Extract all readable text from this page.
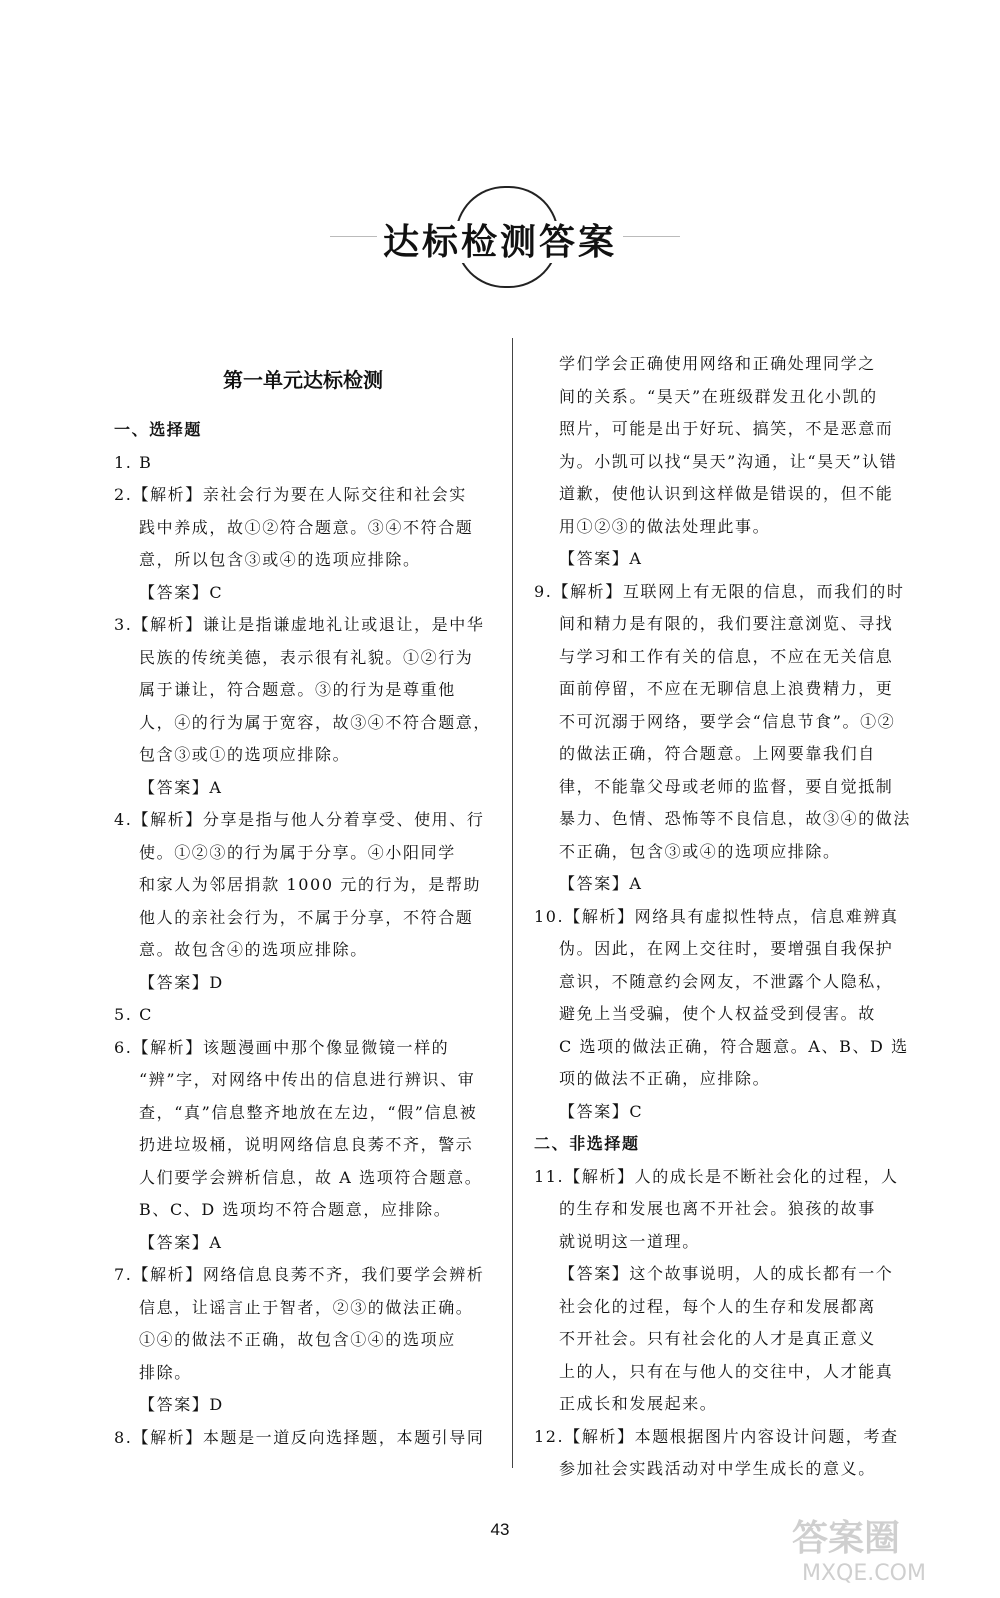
达标检测答案
第一单元达标检测
一、选择题
1. B
2.【解析】亲社会行为要在人际交往和社会实
践中养成，故①②符合题意。③④不符合题
意，所以包含③或④的选项应排除。
【答案】C
3.【解析】谦让是指谦虚地礼让或退让，是中华
民族的传统美德，表示很有礼貌。①②行为
属于谦让，符合题意。③的行为是尊重他
人，④的行为属于宽容，故③④不符合题意，
包含③或①的选项应排除。
【答案】A
4.【解析】分享是指与他人分着享受、使用、行
使。①②③的行为属于分享。④小阳同学
和家人为邻居捐款 1000 元的行为，是帮助
他人的亲社会行为，不属于分享，不符合题
意。故包含④的选项应排除。
【答案】D
5. C
6.【解析】该题漫画中那个像显微镜一样的
“辨”字，对网络中传出的信息进行辨识、审
查，“真”信息整齐地放在左边，“假”信息被
扔进垃圾桶，说明网络信息良莠不齐，警示
人们要学会辨析信息，故 A 选项符合题意。
B、C、D 选项均不符合题意，应排除。
【答案】A
7.【解析】网络信息良莠不齐，我们要学会辨析
信息，让谣言止于智者，②③的做法正确。
①④的做法不正确，故包含①④的选项应
排除。
【答案】D
8.【解析】本题是一道反向选择题，本题引导同
学们学会正确使用网络和正确处理同学之
间的关系。“昊天”在班级群发丑化小凯的
照片，可能是出于好玩、搞笑，不是恶意而
为。小凯可以找“昊天”沟通，让“昊天”认错
道歉，使他认识到这样做是错误的，但不能
用①②③的做法处理此事。
【答案】A
9.【解析】互联网上有无限的信息，而我们的时
间和精力是有限的，我们要注意浏览、寻找
与学习和工作有关的信息，不应在无关信息
面前停留，不应在无聊信息上浪费精力，更
不可沉溺于网络，要学会“信息节食”。①②
的做法正确，符合题意。上网要靠我们自
律，不能靠父母或老师的监督，要自觉抵制
暴力、色情、恐怖等不良信息，故③④的做法
不正确，包含③或④的选项应排除。
【答案】A
10.【解析】网络具有虚拟性特点，信息难辨真
伪。因此，在网上交往时，要增强自我保护
意识，不随意约会网友，不泄露个人隐私，
避免上当受骗，使个人权益受到侵害。故
C 选项的做法正确，符合题意。A、B、D 选
项的做法不正确，应排除。
【答案】C
二、非选择题
11.【解析】人的成长是不断社会化的过程，人
的生存和发展也离不开社会。狼孩的故事
就说明这一道理。
【答案】这个故事说明，人的成长都有一个
社会化的过程，每个人的生存和发展都离
不开社会。只有社会化的人才是真正意义
上的人，只有在与他人的交往中，人才能真
正成长和发展起来。
12.【解析】本题根据图片内容设计问题，考查
参加社会实践活动对中学生成长的意义。
43	答案圈
MXQE.COM
